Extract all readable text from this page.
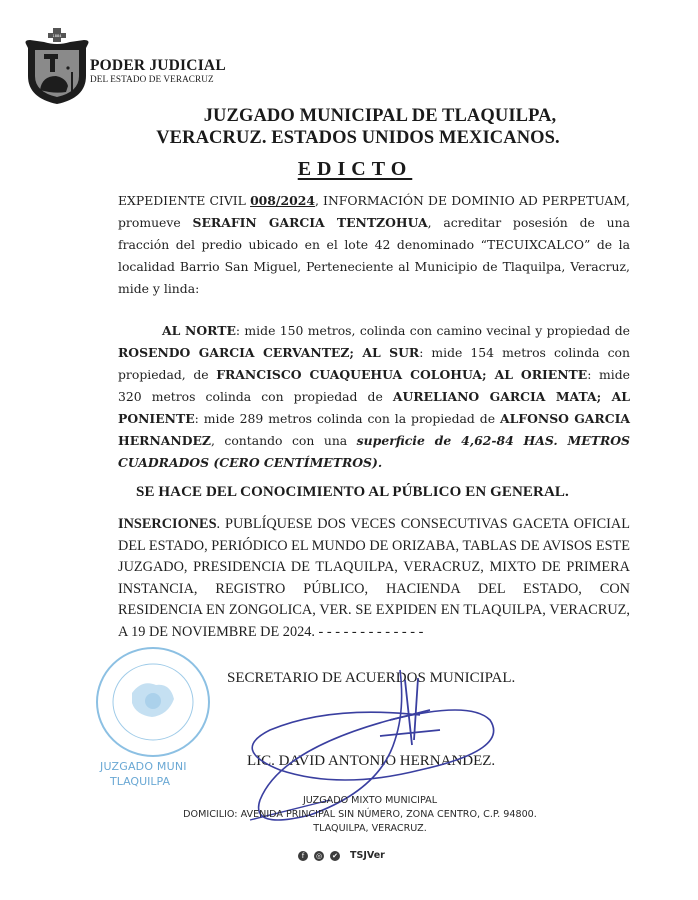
1884
PODER JUDICIAL
DEL ESTADO DE VERACRUZ
JUZGADO MUNICIPAL DE TLAQUILPA,
VERACRUZ. ESTADOS UNIDOS MEXICANOS.
EDICTO
EXPEDIENTE CIVIL 008/2024, INFORMACIÓN DE DOMINIO AD PERPETUAM, promueve SERAFIN GARCIA TENTZOHUA, acreditar posesión de una fracción del predio ubicado en el lote 42 denominado “TECUIXCALCO” de la localidad Barrio San Miguel, Perteneciente al Municipio de Tlaquilpa, Veracruz, mide y linda:
AL NORTE: mide 150 metros, colinda con camino vecinal y propiedad de ROSENDO GARCIA CERVANTEZ; AL SUR: mide 154 metros colinda con propiedad, de FRANCISCO CUAQUEHUA COLOHUA; AL ORIENTE: mide 320 metros colinda con propiedad de AURELIANO GARCIA MATA; AL PONIENTE: mide 289 metros colinda con la propiedad de ALFONSO GARCIA HERNANDEZ, contando con una superficie de 4,62-84 HAS. METROS CUADRADOS (CERO CENTÍMETROS).
SE HACE DEL CONOCIMIENTO AL PÚBLICO EN GENERAL.
INSERCIONES. PUBLÍQUESE DOS VECES CONSECUTIVAS GACETA OFICIAL DEL ESTADO, PERIÓDICO EL MUNDO DE ORIZABA, TABLAS DE AVISOS ESTE JUZGADO, PRESIDENCIA DE TLAQUILPA, VERACRUZ, MIXTO DE PRIMERA INSTANCIA, REGISTRO PÚBLICO, HACIENDA DEL ESTADO, CON RESIDENCIA EN ZONGOLICA, VER. SE EXPIDEN EN TLAQUILPA, VERACRUZ, A 19 DE NOVIEMBRE DE 2024. - - - - - - - - - - - - -
JUZGADO MUNI
TLAQUILPA
SECRETARIO DE ACUERDOS MUNICIPAL.
LIC. DAVID ANTONIO HERNANDEZ.
JUZGADO MIXTO MUNICIPAL
DOMICILIO: AVENIDA PRINCIPAL SIN NÚMERO, ZONA CENTRO, C.P. 94800.
TLAQUILPA, VERACRUZ.
f	◎ ✔ TSJVer
